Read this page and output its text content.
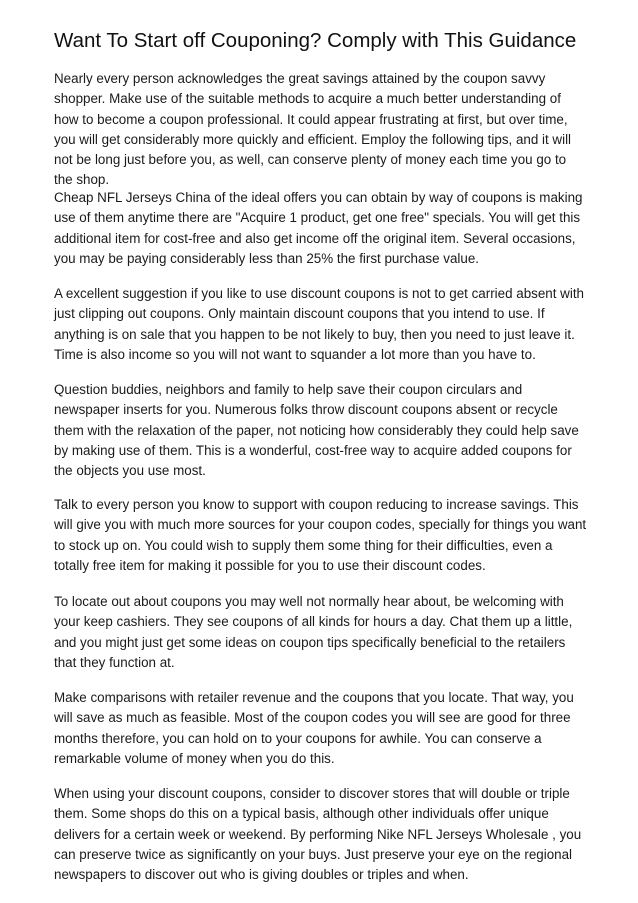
Want To Start off Couponing? Comply with This Guidance

Nearly every person acknowledges the great savings attained by the coupon savvy shopper. Make use of the suitable methods to acquire a much better understanding of how to become a coupon professional. It could appear frustrating at first, but over time, you will get considerably more quickly and efficient. Employ the following tips, and it will not be long just before you, as well, can conserve plenty of money each time you go to the shop.

Cheap NFL Jerseys China of the ideal offers you can obtain by way of coupons is making use of them anytime there are "Acquire 1 product, get one free" specials. You will get this additional item for cost-free and also get income off the original item. Several occasions, you may be paying considerably less than 25% the first purchase value.

A excellent suggestion if you like to use discount coupons is not to get carried absent with just clipping out coupons. Only maintain discount coupons that you intend to use. If anything is on sale that you happen to be not likely to buy, then you need to just leave it. Time is also income so you will not want to squander a lot more than you have to.

Question buddies, neighbors and family to help save their coupon circulars and newspaper inserts for you. Numerous folks throw discount coupons absent or recycle them with the relaxation of the paper, not noticing how considerably they could help save by making use of them. This is a wonderful, cost-free way to acquire added coupons for the objects you use most.

Talk to every person you know to support with coupon reducing to increase savings. This will give you with much more sources for your coupon codes, specially for things you want to stock up on. You could wish to supply them some thing for their difficulties, even a totally free item for making it possible for you to use their discount codes.

To locate out about coupons you may well not normally hear about, be welcoming with your keep cashiers. They see coupons of all kinds for hours a day. Chat them up a little, and you might just get some ideas on coupon tips specifically beneficial to the retailers that they function at.

Make comparisons with retailer revenue and the coupons that you locate. That way, you will save as much as feasible. Most of the coupon codes you will see are good for three months therefore, you can hold on to your coupons for awhile. You can conserve a remarkable volume of money when you do this.

When using your discount coupons, consider to discover stores that will double or triple them. Some shops do this on a typical basis, although other individuals offer unique delivers for a certain week or weekend. By performing Nike NFL Jerseys Wholesale , you can preserve twice as significantly on your buys. Just preserve your eye on the regional newspapers to discover out who is giving doubles or triples and when.
